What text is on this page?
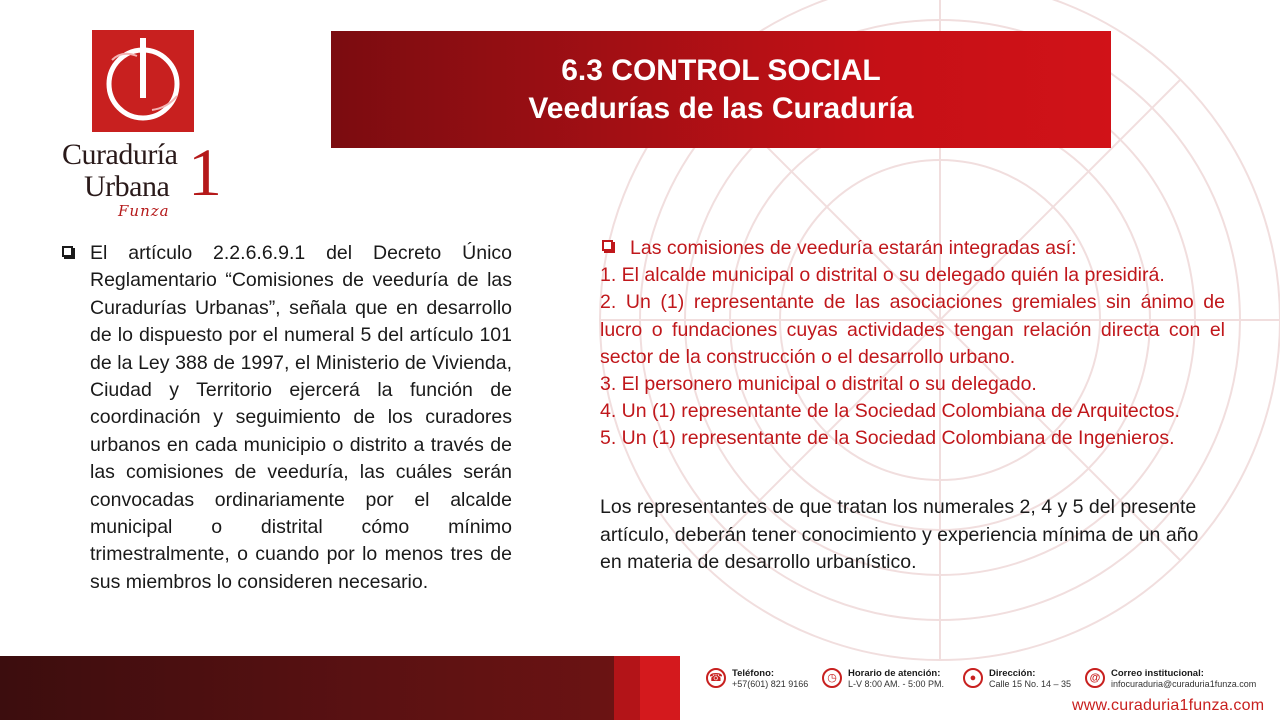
Curaduría
Urbana 1
Funza
6.3 CONTROL SOCIAL
Veedurías de las Curaduría
El artículo 2.2.6.6.9.1 del Decreto Único Reglamentario “Comisiones de veeduría de las Curadurías Urbanas”, señala que en desarrollo de lo dispuesto por el numeral 5 del artículo 101 de la Ley 388 de 1997, el Ministerio de Vivienda, Ciudad y Territorio ejercerá la función de coordinación y seguimiento de los curadores urbanos en cada municipio o distrito a través de las comisiones de veeduría, las cuáles serán convocadas ordinariamente por el alcalde municipal o distrital cómo mínimo trimestralmente, o cuando por lo menos tres de sus miembros lo consideren necesario.
Las comisiones de veeduría estarán integradas así:

1. El alcalde municipal o distrital o su delegado quién la presidirá.

2. Un (1) representante de las asociaciones gremiales sin ánimo de lucro o fundaciones cuyas actividades tengan relación directa con el sector de la construcción o el desarrollo urbano.

3. El personero municipal o distrital o su delegado.

4. Un (1) representante de la Sociedad Colombiana de Arquitectos.

5. Un (1) representante de la Sociedad Colombiana de Ingenieros.

Los representantes de que tratan los numerales 2, 4 y 5 del presente artículo, deberán tener conocimiento y experiencia mínima de un año en materia de desarrollo urbanístico.
☎ Teléfono:
+57(601) 821 9166	◷	Horario de atención:
L-V 8:00 AM. - 5:00 PM.	●	Dirección:
Calle 15 No. 14 – 35	@	Correo institucional:
infocuraduria@curaduria1funza.com
www.curaduria1funza.com
